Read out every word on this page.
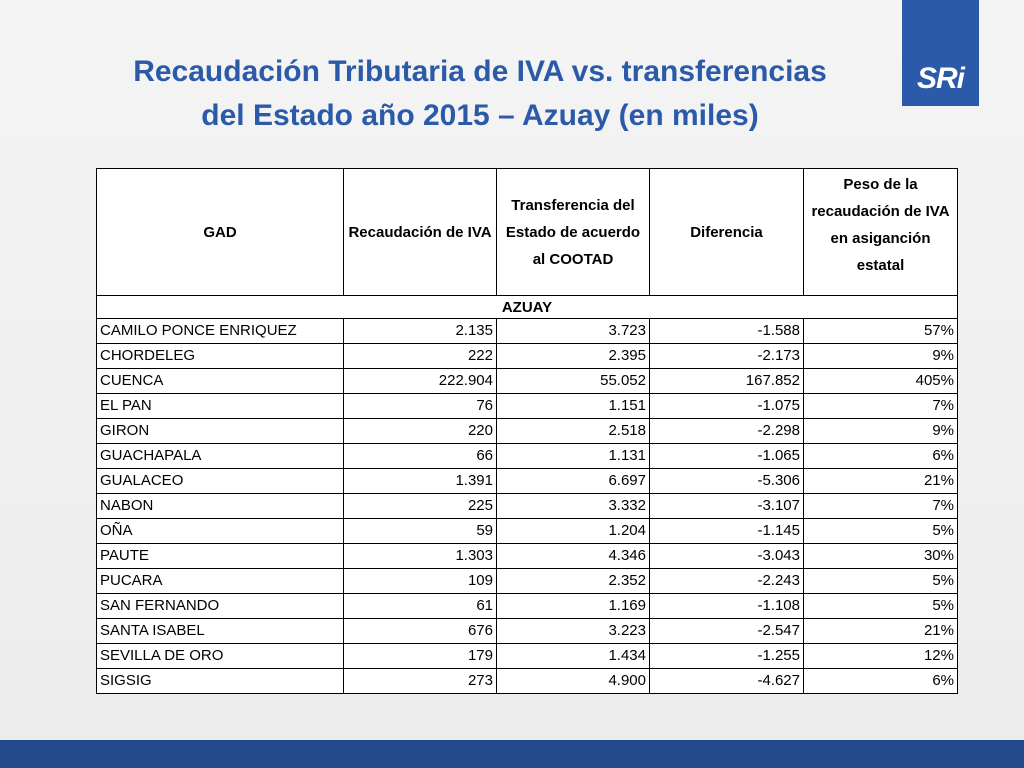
Recaudación Tributaria de IVA vs. transferencias
del Estado año 2015 – Azuay (en miles)
SRi
GAD	Recaudación de IVA	Transferencia del Estado de acuerdo al COOTAD	Diferencia	Peso de la recaudación de IVA en asiganción estatal
AZUAY				
CAMILO PONCE ENRIQUEZ	2.135	3.723	-1.588	57%
CHORDELEG	222	2.395	-2.173	9%
CUENCA	222.904	55.052	167.852	405%
EL PAN	76	1.151	-1.075	7%
GIRON	220	2.518	-2.298	9%
GUACHAPALA	66	1.131	-1.065	6%
GUALACEO	1.391	6.697	-5.306	21%
NABON	225	3.332	-3.107	7%
OÑA	59	1.204	-1.145	5%
PAUTE	1.303	4.346	-3.043	30%
PUCARA	109	2.352	-2.243	5%
SAN FERNANDO	61	1.169	-1.108	5%
SANTA ISABEL	676	3.223	-2.547	21%
SEVILLA DE ORO	179	1.434	-1.255	12%
SIGSIG	273	4.900	-4.627	6%
